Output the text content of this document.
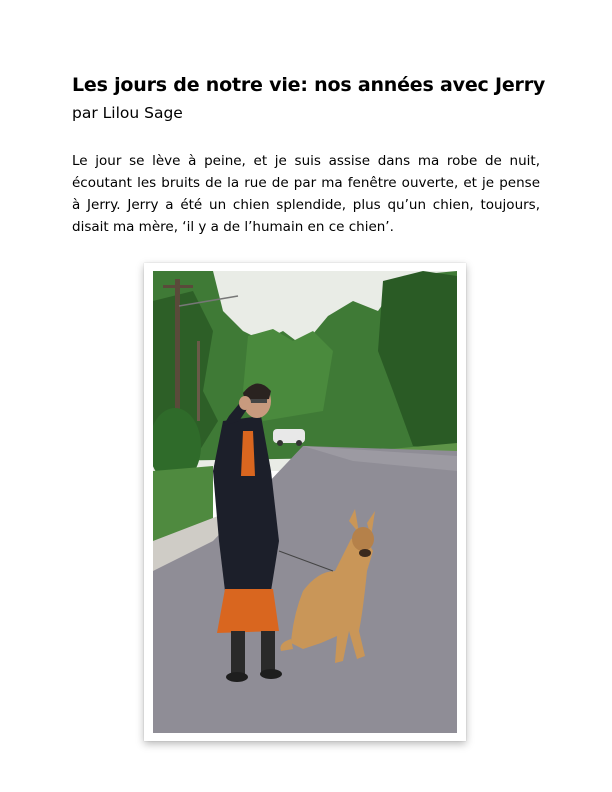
Les jours de notre vie: nos années avec Jerry
par Lilou Sage

Le jour se lève à peine, et je suis assise dans ma robe de nuit, écoutant les bruits de la rue de par ma fenêtre ouverte, et je pense à Jerry. Jerry a été un chien splendide, plus qu’un chien, toujours, disait ma mère, ‘il y a de l’humain en ce chien’.
